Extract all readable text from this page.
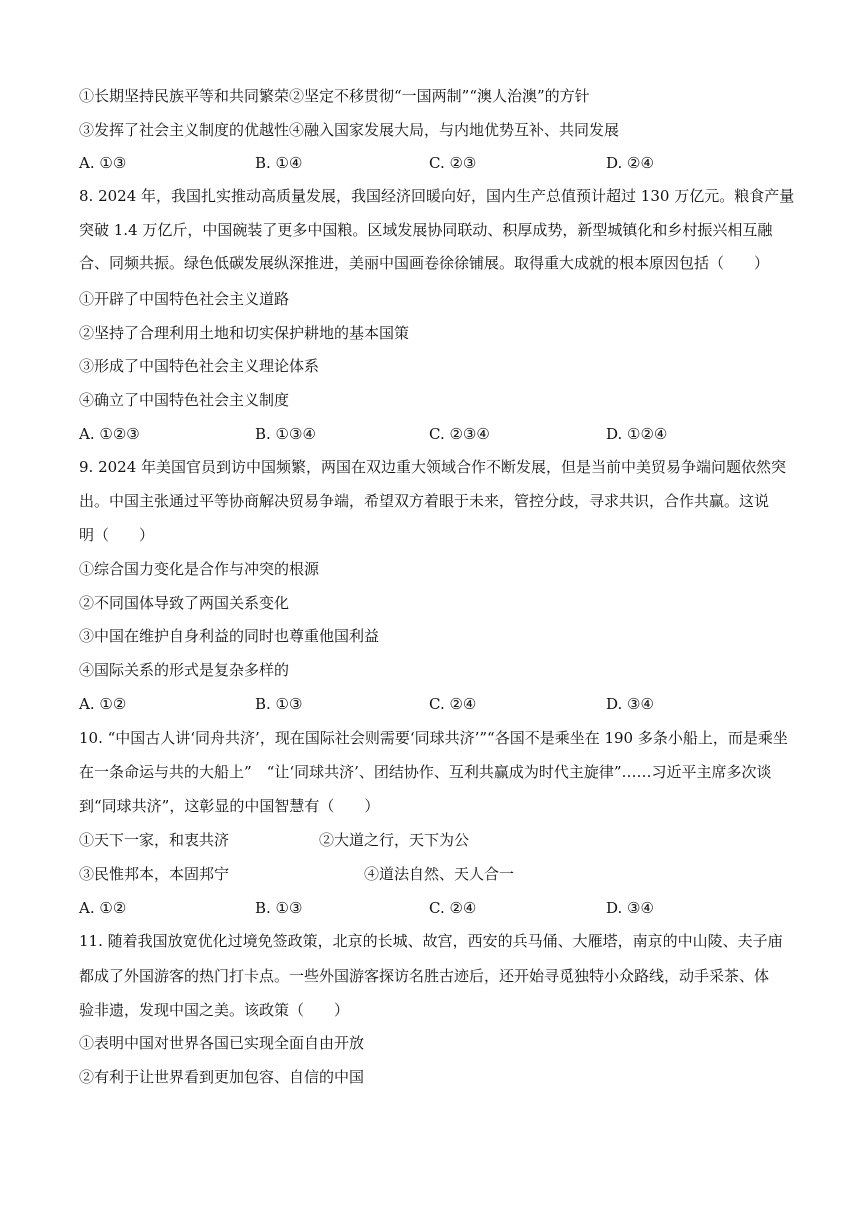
①长期坚持民族平等和共同繁荣②坚定不移贯彻“一国两制”“澳人治澳”的方针
③发挥了社会主义制度的优越性④融入国家发展大局，与内地优势互补、共同发展
A. ①③	B. ①④	C. ②③	D. ②④
8. 2024 年，我国扎实推动高质量发展，我国经济回暖向好，国内生产总值预计超过 130 万亿元。粮食产量
突破 1.4 万亿斤，中国碗装了更多中国粮。区域发展协同联动、积厚成势，新型城镇化和乡村振兴相互融
合、同频共振。绿色低碳发展纵深推进，美丽中国画卷徐徐铺展。取得重大成就的根本原因包括（　　）
①开辟了中国特色社会主义道路
②坚持了合理利用土地和切实保护耕地的基本国策
③形成了中国特色社会主义理论体系
④确立了中国特色社会主义制度
A. ①②③	B. ①③④	C. ②③④	D. ①②④
9. 2024 年美国官员到访中国频繁，两国在双边重大领域合作不断发展，但是当前中美贸易争端问题依然突
出。中国主张通过平等协商解决贸易争端，希望双方着眼于未来，管控分歧，寻求共识，合作共赢。这说
明（　　）
①综合国力变化是合作与冲突的根源
②不同国体导致了两国关系变化
③中国在维护自身利益的同时也尊重他国利益
④国际关系的形式是复杂多样的
A. ①②	B. ①③	C. ②④	D. ③④
10. “中国古人讲‘同舟共济’，现在国际社会则需要‘同球共济’”“各国不是乘坐在 190 多条小船上，而是乘坐
在一条命运与共的大船上”　“让‘同球共济’、团结协作、互利共赢成为时代主旋律”……习近平主席多次谈
到“同球共济”，这彰显的中国智慧有（　　）
①天下一家，和衷共济　　　　　　②大道之行，天下为公
③民惟邦本，本固邦宁　　　　　　　　　④道法自然、天人合一
A. ①②	B. ①③	C. ②④	D. ③④
11. 随着我国放宽优化过境免签政策，北京的长城、故宫，西安的兵马俑、大雁塔，南京的中山陵、夫子庙
都成了外国游客的热门打卡点。一些外国游客探访名胜古迹后，还开始寻觅独特小众路线，动手采茶、体
验非遗，发现中国之美。该政策（　　）
①表明中国对世界各国已实现全面自由开放
②有利于让世界看到更加包容、自信的中国
